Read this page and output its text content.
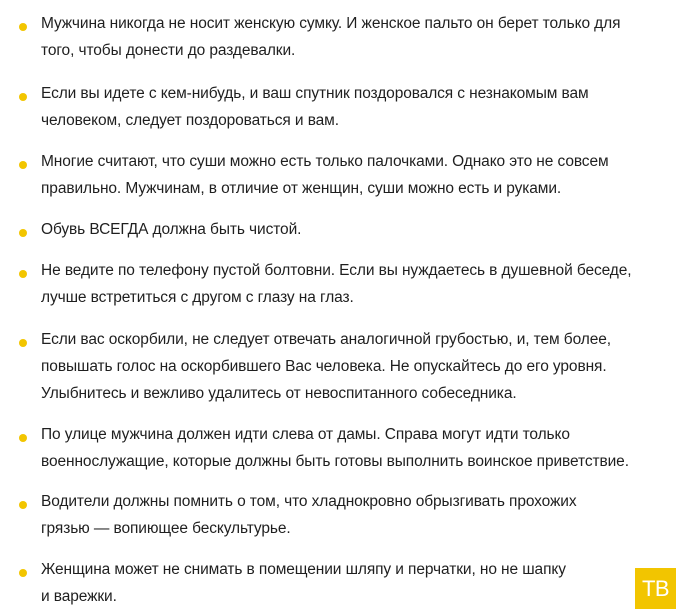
Мужчина никогда не носит женскую сумку. И женское пальто он берет только для
того, чтобы донести до раздевалки.
Если вы идете с кем-нибудь, и ваш спутник поздоровался с незнакомым вам
человеком, следует поздороваться и вам.
Многие считают, что суши можно есть только палочками. Однако это не совсем
правильно. Мужчинам, в отличие от женщин, суши можно есть и руками.
Обувь ВСЕГДА должна быть чистой.
Не ведите по телефону пустой болтовни. Если вы нуждаетесь в душевной беседе,
лучше встретиться с другом с глазу на глаз.
Если вас оскорбили, не следует отвечать аналогичной грубостью, и, тем более,
повышать голос на оскорбившего Вас человека. Не опускайтесь до его уровня.
Улыбнитесь и вежливо удалитесь от невоспитанного собеседника.
По улице мужчина должен идти слева от дамы. Справа могут идти только
военнослужащие, которые должны быть готовы выполнить воинское приветствие.
Водители должны помнить о том, что хладнокровно обрызгивать прохожих
грязью — вопиющее бескультурье.
Женщина может не снимать в помещении шляпу и перчатки, но не шапку
и варежки.	ТВ
